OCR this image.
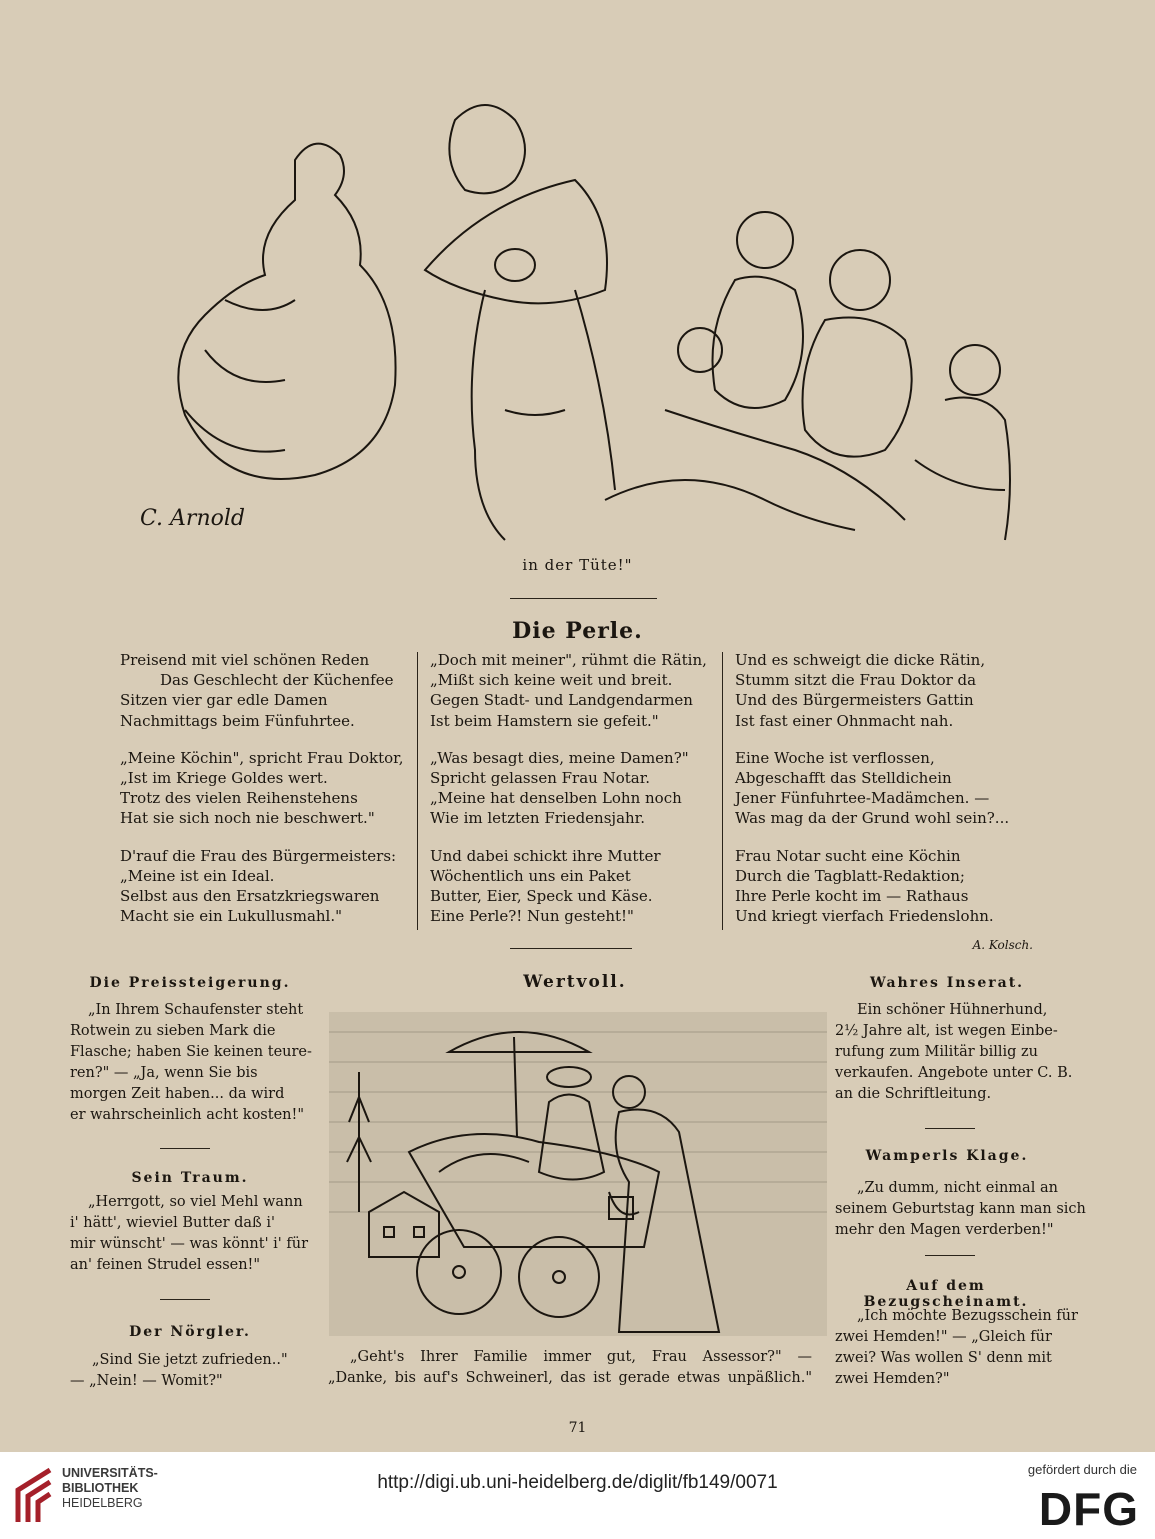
C. Arnold
in der Tüte!"
Die Perle.
Preisend mit viel schönen Reden
Das Geschlecht der Küchenfee
Sitzen vier gar edle Damen
Nachmittags beim Fünfuhrtee.
„Meine Köchin", spricht Frau Doktor,
„Ist im Kriege Goldes wert.
Trotz des vielen Reihenstehens
Hat sie sich noch nie beschwert."
D'rauf die Frau des Bürgermeisters:
„Meine ist ein Ideal.
Selbst aus den Ersatzkriegswaren
Macht sie ein Lukullusmahl."
„Doch mit meiner", rühmt die Rätin,
„Mißt sich keine weit und breit.
Gegen Stadt- und Landgendarmen
Ist beim Hamstern sie gefeit."
„Was besagt dies, meine Damen?"
Spricht gelassen Frau Notar.
„Meine hat denselben Lohn noch
Wie im letzten Friedensjahr.
Und dabei schickt ihre Mutter
Wöchentlich uns ein Paket
Butter, Eier, Speck und Käse.
Eine Perle?! Nun gesteht!"
Und es schweigt die dicke Rätin,
Stumm sitzt die Frau Doktor da
Und des Bürgermeisters Gattin
Ist fast einer Ohnmacht nah.
Eine Woche ist verflossen,
Abgeschafft das Stelldichein
Jener Fünfuhrtee-Madämchen. —
Was mag da der Grund wohl sein?...
Frau Notar sucht eine Köchin
Durch die Tagblatt-Redaktion;
Ihre Perle kocht im — Rathaus
Und kriegt vierfach Friedenslohn.
A. Kolsch.
Die Preissteigerung.
„In Ihrem Schaufenster steht
Rotwein zu sieben Mark die
Flasche; haben Sie keinen teure-
ren?" — „Ja, wenn Sie bis
morgen Zeit haben... da wird
er wahrscheinlich acht kosten!"
Sein Traum.
„Herrgott, so viel Mehl wann
i' hätt', wieviel Butter daß i'
mir wünscht' — was könnt' i' für
an' feinen Strudel essen!"
Der Nörgler.
„Sind Sie jetzt zufrieden.."
— „Nein! — Womit?"
Wertvoll.
„Geht's Ihrer Familie immer gut, Frau Assessor?" —
„Danke, bis auf's Schweinerl, das ist gerade etwas unpäßlich."
Wahres Inserat.
Ein schöner Hühnerhund,
2½ Jahre alt, ist wegen Einbe-
rufung zum Militär billig zu
verkaufen. Angebote unter C. B.
an die Schriftleitung.
Wamperls Klage.
„Zu dumm, nicht einmal an
seinem Geburtstag kann man sich
mehr den Magen verderben!"
Auf dem Bezugscheinamt.
„Ich möchte Bezugsschein für
zwei Hemden!" — „Gleich für
zwei? Was wollen S' denn mit
zwei Hemden?"
71
UNIVERSITÄTS-
BIBLIOTHEK
HEIDELBERG
http://digi.ub.uni-heidelberg.de/diglit/fb149/0071
gefördert durch die
DFG
